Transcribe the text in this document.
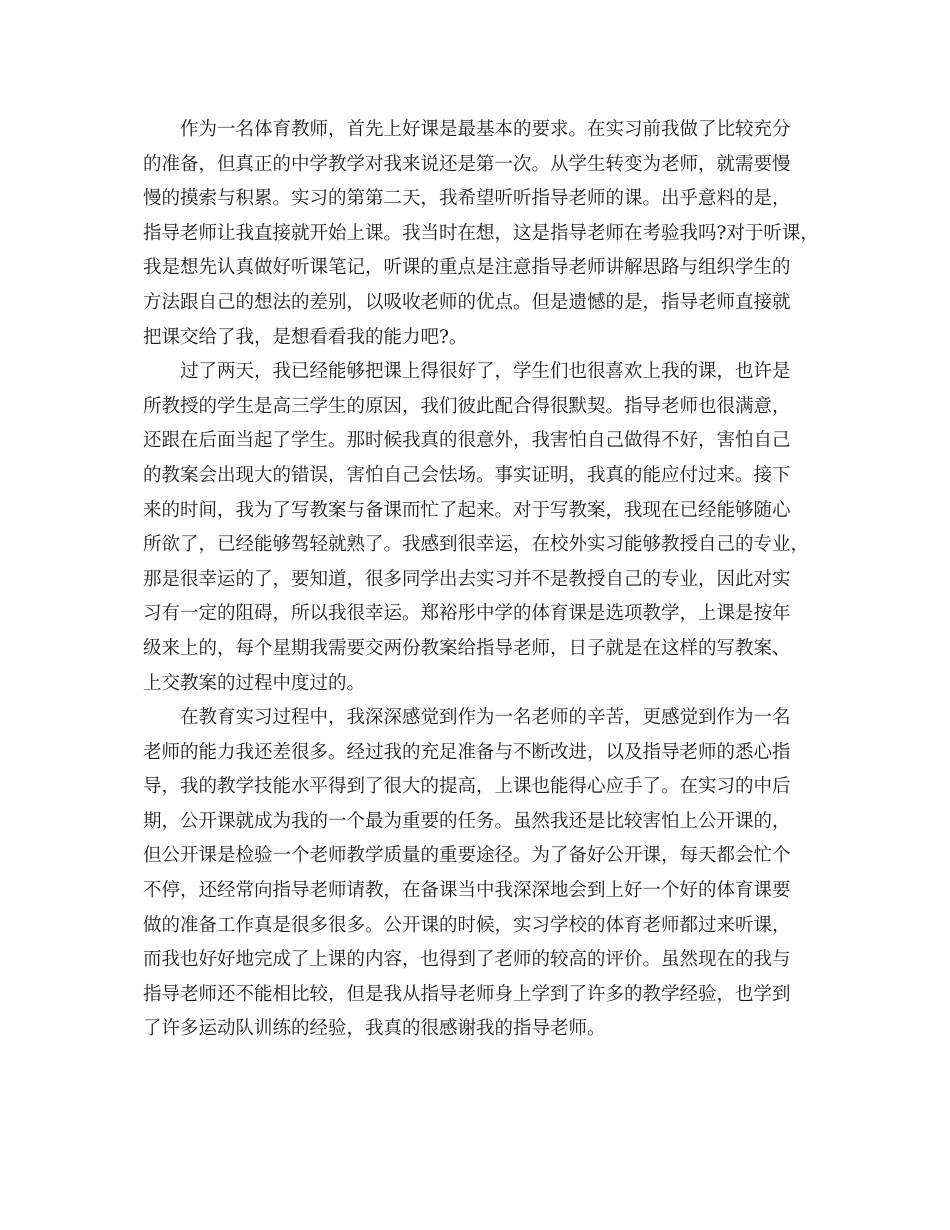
作为一名体育教师，首先上好课是最基本的要求。在实习前我做了比较充分
的准备，但真正的中学教学对我来说还是第一次。从学生转变为老师，就需要慢
慢的摸索与积累。实习的第第二天，我希望听听指导老师的课。出乎意料的是，
指导老师让我直接就开始上课。我当时在想，这是指导老师在考验我吗?对于听课，
我是想先认真做好听课笔记，听课的重点是注意指导老师讲解思路与组织学生的
方法跟自己的想法的差别，以吸收老师的优点。但是遗憾的是，指导老师直接就
把课交给了我，是想看看我的能力吧?。
过了两天，我已经能够把课上得很好了，学生们也很喜欢上我的课，也许是
所教授的学生是高三学生的原因，我们彼此配合得很默契。指导老师也很满意，
还跟在后面当起了学生。那时候我真的很意外，我害怕自己做得不好，害怕自己
的教案会出现大的错误，害怕自己会怯场。事实证明，我真的能应付过来。接下
来的时间，我为了写教案与备课而忙了起来。对于写教案，我现在已经能够随心
所欲了，已经能够驾轻就熟了。我感到很幸运，在校外实习能够教授自己的专业，
那是很幸运的了，要知道，很多同学出去实习并不是教授自己的专业，因此对实
习有一定的阻碍，所以我很幸运。郑裕彤中学的体育课是选项教学，上课是按年
级来上的，每个星期我需要交两份教案给指导老师，日子就是在这样的写教案、
上交教案的过程中度过的。
在教育实习过程中，我深深感觉到作为一名老师的辛苦，更感觉到作为一名
老师的能力我还差很多。经过我的充足准备与不断改进，以及指导老师的悉心指
导，我的教学技能水平得到了很大的提高，上课也能得心应手了。在实习的中后
期，公开课就成为我的一个最为重要的任务。虽然我还是比较害怕上公开课的，
但公开课是检验一个老师教学质量的重要途径。为了备好公开课，每天都会忙个
不停，还经常向指导老师请教，在备课当中我深深地会到上好一个好的体育课要
做的准备工作真是很多很多。公开课的时候，实习学校的体育老师都过来听课，
而我也好好地完成了上课的内容，也得到了老师的较高的评价。虽然现在的我与
指导老师还不能相比较，但是我从指导老师身上学到了许多的教学经验，也学到
了许多运动队训练的经验，我真的很感谢我的指导老师。
